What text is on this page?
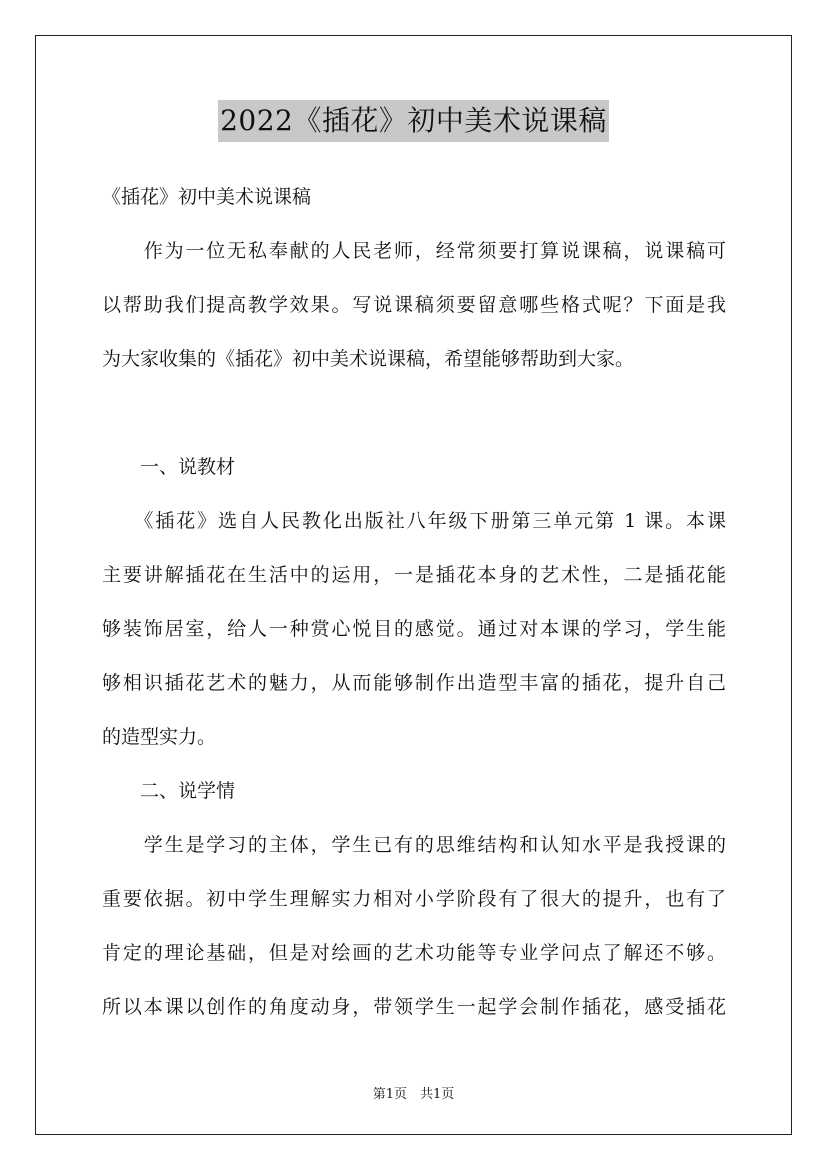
2022《插花》初中美术说课稿
《插花》初中美术说课稿
　　作为一位无私奉献的人民老师，经常须要打算说课稿，说课稿可
以帮助我们提高教学效果。写说课稿须要留意哪些格式呢？下面是我
为大家收集的《插花》初中美术说课稿，希望能够帮助到大家。
　　一、说教材
　　《插花》选自人民教化出版社八年级下册第三单元第 1 课。本课
主要讲解插花在生活中的运用，一是插花本身的艺术性，二是插花能
够装饰居室，给人一种赏心悦目的感觉。通过对本课的学习，学生能
够相识插花艺术的魅力，从而能够制作出造型丰富的插花，提升自己
的造型实力。
　　二、说学情
　　学生是学习的主体，学生已有的思维结构和认知水平是我授课的
重要依据。初中学生理解实力相对小学阶段有了很大的提升，也有了
肯定的理论基础，但是对绘画的艺术功能等专业学问点了解还不够。
所以本课以创作的角度动身，带领学生一起学会制作插花，感受插花
第1页　共1页
